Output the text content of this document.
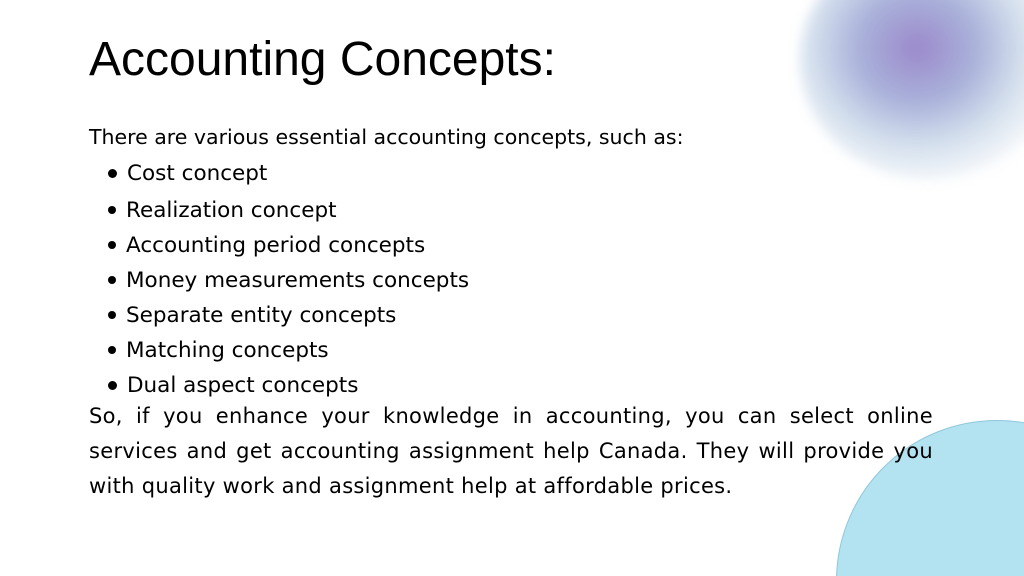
Accounting Concepts:
There are various essential accounting concepts, such as:
Cost concept
Realization concept
Accounting period concepts
Money measurements concepts
Separate entity concepts
Matching concepts
Dual aspect concepts

So, if you enhance your knowledge in accounting, you can select online services and get accounting assignment help Canada. They will provide you with quality work and assignment help at affordable prices.
